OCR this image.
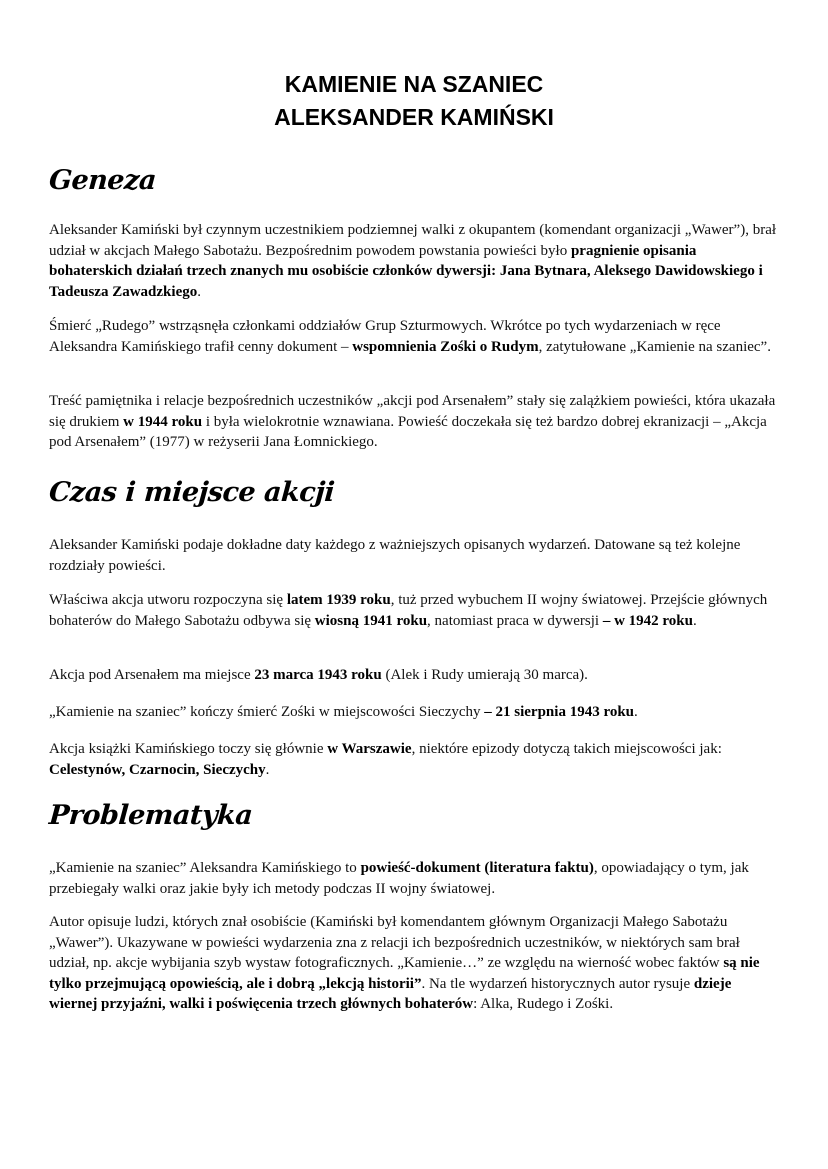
KAMIENIE NA SZANIEC
ALEKSANDER KAMIŃSKI
Geneza

Aleksander Kamiński był czynnym uczestnikiem podziemnej walki z okupantem (komendant organizacji „Wawer”), brał udział w akcjach Małego Sabotażu. Bezpośrednim powodem powstania powieści było pragnienie opisania bohaterskich działań trzech znanych mu osobiście członków dywersji: Jana Bytnara, Aleksego Dawidowskiego i Tadeusza Zawadzkiego.

Śmierć „Rudego” wstrząsnęła członkami oddziałów Grup Szturmowych. Wkrótce po tych wydarzeniach w ręce Aleksandra Kamińskiego trafił cenny dokument – wspomnienia Zośki o Rudym, zatytułowane „Kamienie na szaniec”.

Treść pamiętnika i relacje bezpośrednich uczestników „akcji pod Arsenałem” stały się zalążkiem powieści, która ukazała się drukiem w 1944 roku i była wielokrotnie wznawiana. Powieść doczekała się też bardzo dobrej ekranizacji – „Akcja pod Arsenałem” (1977) w reżyserii Jana Łomnickiego.

Czas i miejsce akcji

Aleksander Kamiński podaje dokładne daty każdego z ważniejszych opisanych wydarzeń. Datowane są też kolejne rozdziały powieści.

Właściwa akcja utworu rozpoczyna się latem 1939 roku, tuż przed wybuchem II wojny światowej. Przejście głównych bohaterów do Małego Sabotażu odbywa się wiosną 1941 roku, natomiast praca w dywersji – w 1942 roku.

Akcja pod Arsenałem ma miejsce 23 marca 1943 roku (Alek i Rudy umierają 30 marca).

„Kamienie na szaniec” kończy śmierć Zośki w miejscowości Sieczychy – 21 sierpnia 1943 roku.

Akcja książki Kamińskiego toczy się głównie w Warszawie, niektóre epizody dotyczą takich miejscowości jak: Celestynów, Czarnocin, Sieczychy.

Problematyka

„Kamienie na szaniec” Aleksandra Kamińskiego to powieść-dokument (literatura faktu), opowiadający o tym, jak przebiegały walki oraz jakie były ich metody podczas II wojny światowej.

Autor opisuje ludzi, których znał osobiście (Kamiński był komendantem głównym Organizacji Małego Sabotażu „Wawer”). Ukazywane w powieści wydarzenia zna z relacji ich bezpośrednich uczestników, w niektórych sam brał udział, np. akcje wybijania szyb wystaw fotograficznych. „Kamienie…” ze względu na wierność wobec faktów są nie tylko przejmującą opowieścią, ale i dobrą „lekcją historii”. Na tle wydarzeń historycznych autor rysuje dzieje wiernej przyjaźni, walki i poświęcenia trzech głównych bohaterów: Alka, Rudego i Zośki.
